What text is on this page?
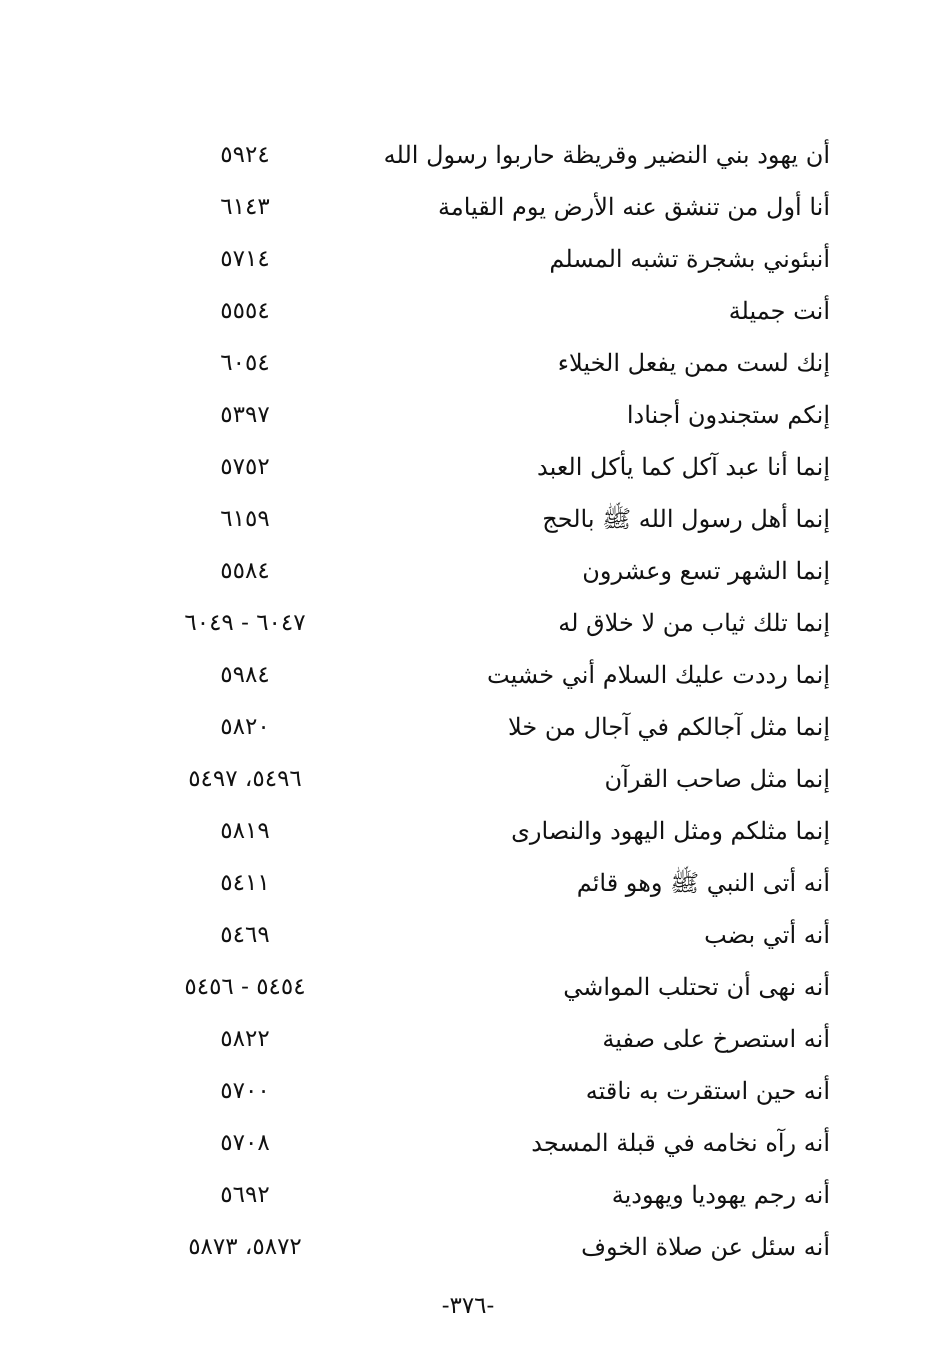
أن يهود بني النضير وقريظة حاربوا رسول الله
٥٩٢٤
أنا أول من تنشق عنه الأرض يوم القيامة
٦١٤٣
أنبئوني بشجرة تشبه المسلم
٥٧١٤
أنت جميلة
٥٥٥٤
إنك لست ممن يفعل الخيلاء
٦٠٥٤
إنكم ستجندون أجنادا
٥٣٩٧
إنما أنا عبد آكل كما يأكل العبد
٥٧٥٢
إنما أهل رسول الله ﷺ بالحج
٦١٥٩
إنما الشهر تسع وعشرون
٥٥٨٤
إنما تلك ثياب من لا خلاق له
٦٠٤٧ - ٦٠٤٩
إنما رددت عليك السلام أني خشيت
٥٩٨٤
إنما مثل آجالكم في آجال من خلا
٥٨٢٠
إنما مثل صاحب القرآن
٥٤٩٦، ٥٤٩٧
إنما مثلكم ومثل اليهود والنصارى
٥٨١٩
أنه أتى النبي ﷺ وهو قائم
٥٤١١
أنه أتي بضب
٥٤٦٩
أنه نهى أن تحتلب المواشي
٥٤٥٤ - ٥٤٥٦
أنه استصرخ على صفية
٥٨٢٢
أنه حين استقرت به ناقته
٥٧٠٠
أنه رآه نخامه في قبلة المسجد
٥٧٠٨
أنه رجم يهوديا ويهودية
٥٦٩٢
أنه سئل عن صلاة الخوف
٥٨٧٢، ٥٨٧٣
-٣٧٦-
